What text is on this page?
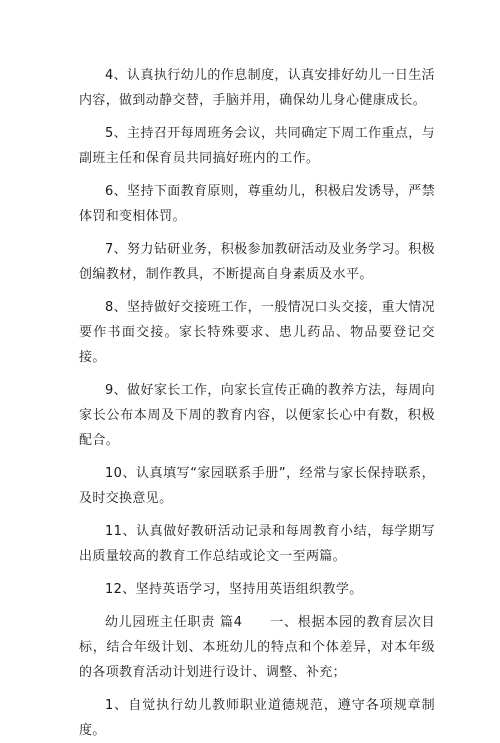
4、认真执行幼儿的作息制度，认真安排好幼儿一日生活内容，做到动静交替，手脑并用，确保幼儿身心健康成长。

5、主持召开每周班务会议，共同确定下周工作重点，与副班主任和保育员共同搞好班内的工作。

6、坚持下面教育原则，尊重幼儿，积极启发诱导，严禁体罚和变相体罚。

7、努力钻研业务，积极参加教研活动及业务学习。积极创编教材，制作教具，不断提高自身素质及水平。

8、坚持做好交接班工作，一般情况口头交接，重大情况要作书面交接。家长特殊要求、患儿药品、物品要登记交接。

9、做好家长工作，向家长宣传正确的教养方法，每周向家长公布本周及下周的教育内容，以便家长心中有数，积极配合。

10、认真填写“家园联系手册”，经常与家长保持联系，及时交换意见。

11、认真做好教研活动记录和每周教育小结，每学期写出质量较高的教育工作总结或论文一至两篇。

12、坚持英语学习，坚持用英语组织教学。

幼儿园班主任职责 篇4　　一、根据本园的教育层次目标，结合年级计划、本班幼儿的特点和个体差异，对本年级的各项教育活动计划进行设计、调整、补充；

1、自觉执行幼儿教师职业道德规范，遵守各项规章制度。
